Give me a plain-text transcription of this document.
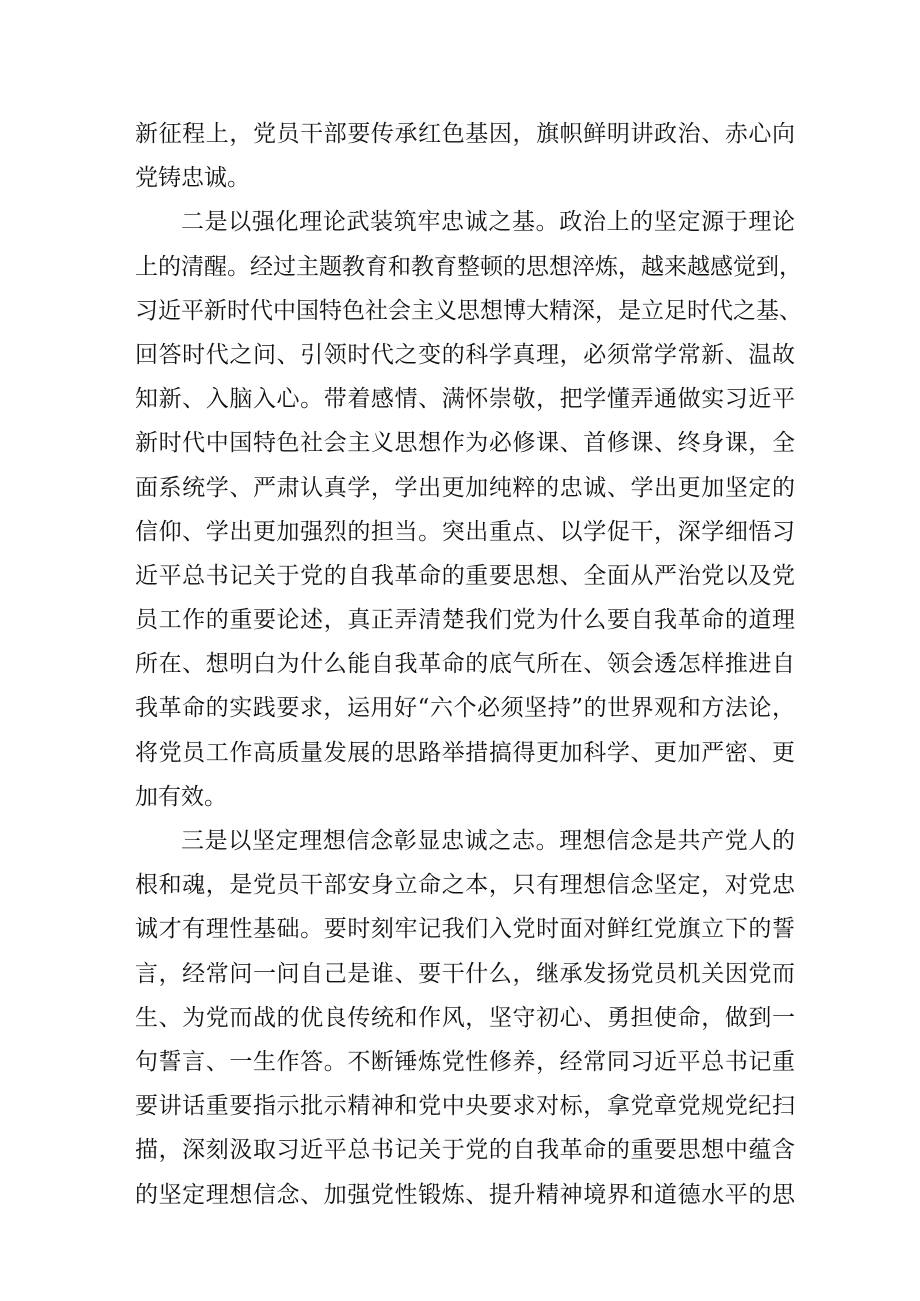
新征程上，党员干部要传承红色基因，旗帜鲜明讲政治、赤心向
党铸忠诚。
二是以强化理论武装筑牢忠诚之基。政治上的坚定源于理论
上的清醒。经过主题教育和教育整顿的思想淬炼，越来越感觉到，
习近平新时代中国特色社会主义思想博大精深，是立足时代之基、
回答时代之问、引领时代之变的科学真理，必须常学常新、温故
知新、入脑入心。带着感情、满怀崇敬，把学懂弄通做实习近平
新时代中国特色社会主义思想作为必修课、首修课、终身课，全
面系统学、严肃认真学，学出更加纯粹的忠诚、学出更加坚定的
信仰、学出更加强烈的担当。突出重点、以学促干，深学细悟习
近平总书记关于党的自我革命的重要思想、全面从严治党以及党
员工作的重要论述，真正弄清楚我们党为什么要自我革命的道理
所在、想明白为什么能自我革命的底气所在、领会透怎样推进自
我革命的实践要求，运用好“六个必须坚持”的世界观和方法论，
将党员工作高质量发展的思路举措搞得更加科学、更加严密、更
加有效。
三是以坚定理想信念彰显忠诚之志。理想信念是共产党人的
根和魂，是党员干部安身立命之本，只有理想信念坚定，对党忠
诚才有理性基础。要时刻牢记我们入党时面对鲜红党旗立下的誓
言，经常问一问自己是谁、要干什么，继承发扬党员机关因党而
生、为党而战的优良传统和作风，坚守初心、勇担使命，做到一
句誓言、一生作答。不断锤炼党性修养，经常同习近平总书记重
要讲话重要指示批示精神和党中央要求对标，拿党章党规党纪扫
描，深刻汲取习近平总书记关于党的自我革命的重要思想中蕴含
的坚定理想信念、加强党性锻炼、提升精神境界和道德水平的思
